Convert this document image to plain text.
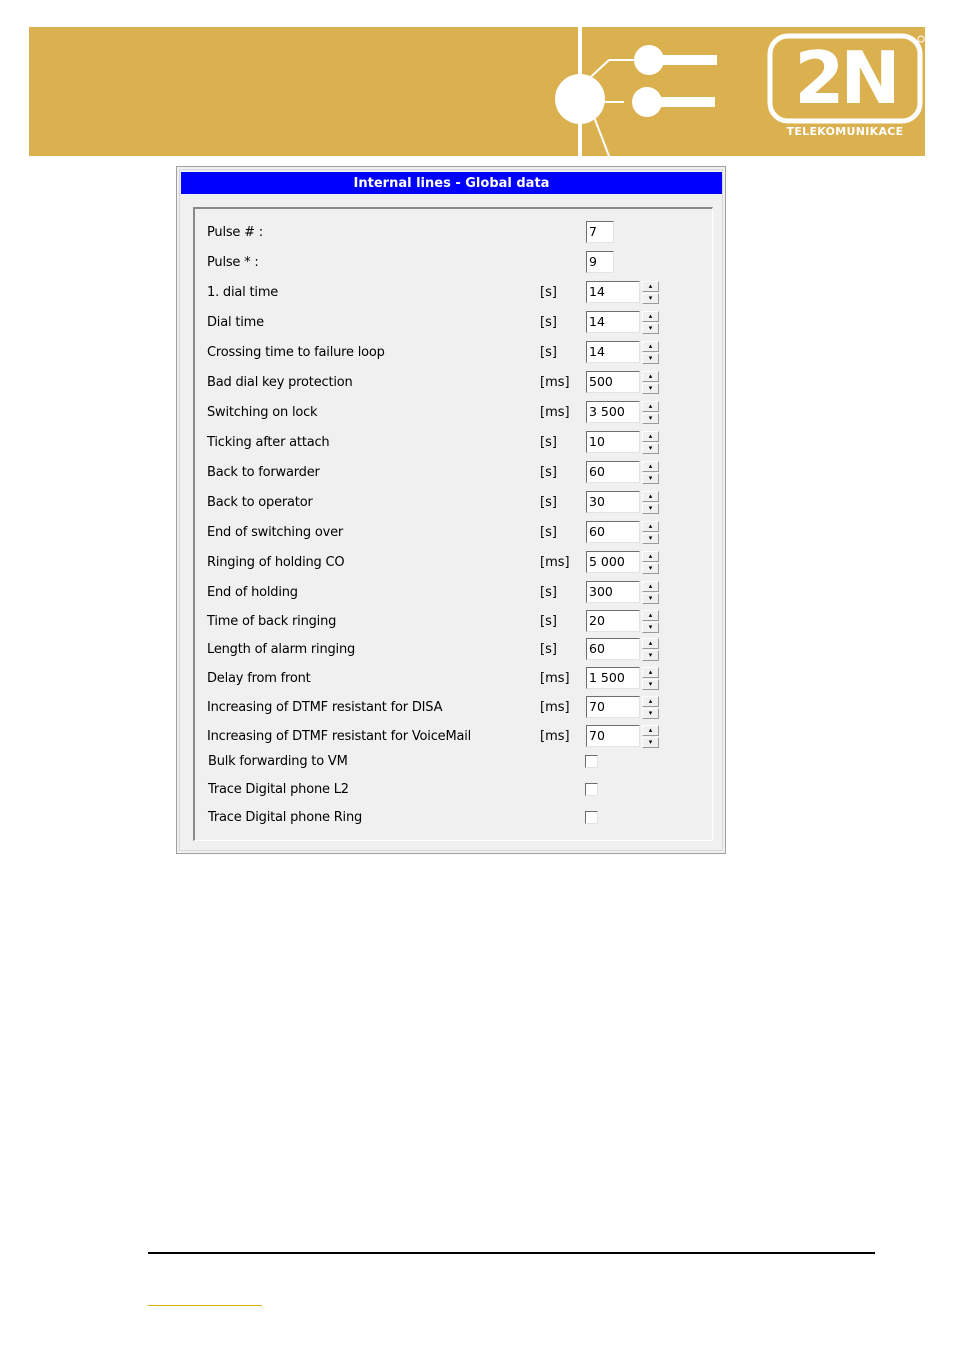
2N
TELEKOMUNIKACE
Internal lines - Global data
Pulse # :	7
Pulse * :	9
1. dial time	[s]	14	▴
▾
Dial time	[s]	14	▴
▾
Crossing time to failure loop	[s]	14	▴
▾
Bad dial key protection	[ms] 500	▴
▾
Switching on lock	[ms] 3 500	▴
▾
Ticking after attach	[s]	10	▴
▾
Back to forwarder	[s]	60	▴
▾
Back to operator	[s]	30	▴
▾
End of switching over	[s]	60	▴
▾
Ringing of holding CO	[ms] 5 000	▴
▾
End of holding	[s]	300	▴
▾
Time of back ringing	[s]	20	▴
▾
Length of alarm ringing	[s]	60	▴
▾
Delay from front	[ms] 1 500	▴
▾
Increasing of DTMF resistant for DISA	[ms] 70	▴
▾
Increasing of DTMF resistant for VoiceMail	[ms] 70	▴
▾
Bulk forwarding to VM
Trace Digital phone L2
Trace Digital phone Ring
